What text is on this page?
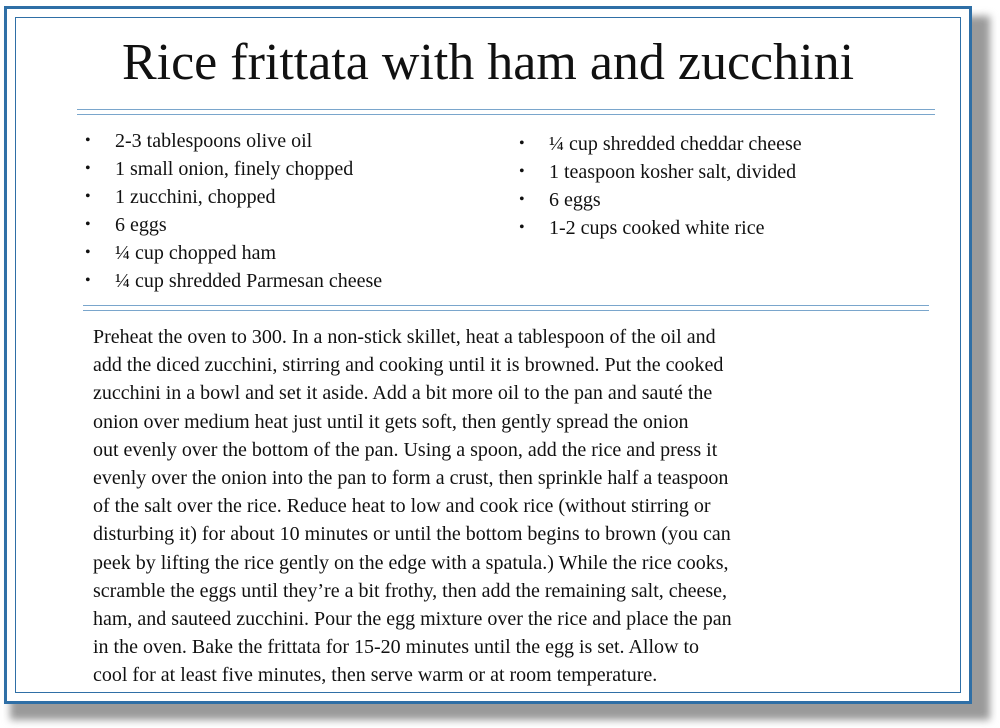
Rice frittata with ham and zucchini
• 2-3 tablespoons olive oil
• 1 small onion, finely chopped
• 1 zucchini, chopped
• 6 eggs
• ¼ cup chopped ham
• ¼ cup shredded Parmesan cheese
• ¼ cup shredded cheddar cheese
• 1 teaspoon kosher salt, divided
• 6 eggs
• 1-2 cups cooked white rice
Preheat the oven to 300. In a non-stick skillet, heat a tablespoon of the oil and
add the diced zucchini, stirring and cooking until it is browned. Put the cooked
zucchini in a bowl and set it aside. Add a bit more oil to the pan and sauté the
onion over medium heat just until it gets soft, then gently spread the onion
out evenly over the bottom of the pan. Using a spoon, add the rice and press it
evenly over the onion into the pan to form a crust, then sprinkle half a teaspoon
of the salt over the rice. Reduce heat to low and cook rice (without stirring or
disturbing it) for about 10 minutes or until the bottom begins to brown (you can
peek by lifting the rice gently on the edge with a spatula.) While the rice cooks,
scramble the eggs until they’re a bit frothy, then add the remaining salt, cheese,
ham, and sauteed zucchini. Pour the egg mixture over the rice and place the pan
in the oven. Bake the frittata for 15-20 minutes until the egg is set. Allow to
cool for at least five minutes, then serve warm or at room temperature.
